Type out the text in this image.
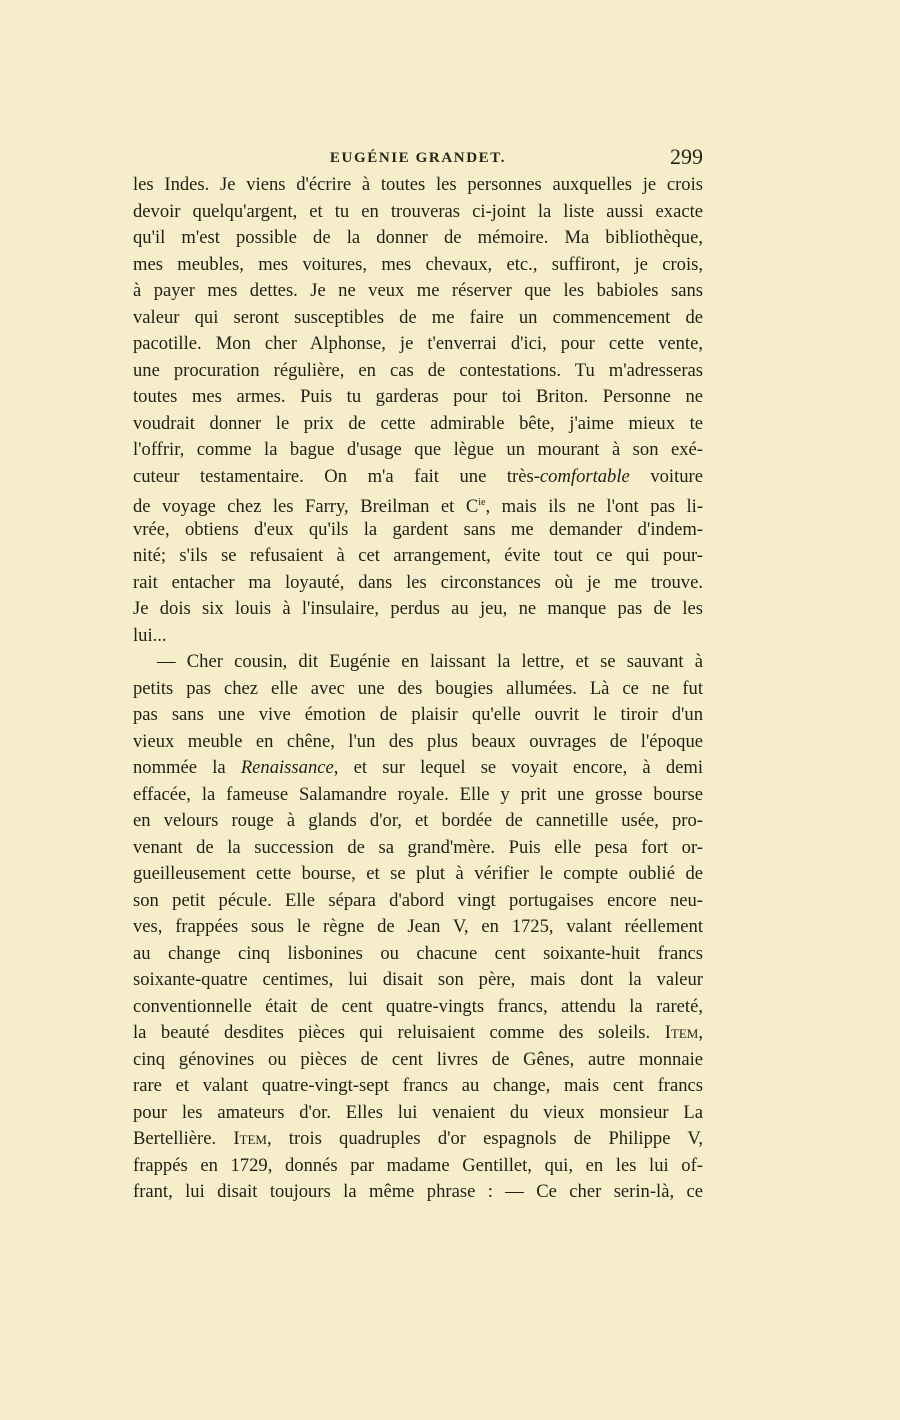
EUGÉNIE GRANDET.	299
les Indes. Je viens d'écrire à toutes les personnes auxquelles je crois
devoir quelqu'argent, et tu en trouveras ci-joint la liste aussi exacte
qu'il m'est possible de la donner de mémoire. Ma bibliothèque,
mes meubles, mes voitures, mes chevaux, etc., suffiront, je crois,
à payer mes dettes. Je ne veux me réserver que les babioles sans
valeur qui seront susceptibles de me faire un commencement de
pacotille. Mon cher Alphonse, je t'enverrai d'ici, pour cette vente,
une procuration régulière, en cas de contestations. Tu m'adresseras
toutes mes armes. Puis tu garderas pour toi Briton. Personne ne
voudrait donner le prix de cette admirable bête, j'aime mieux te
l'offrir, comme la bague d'usage que lègue un mourant à son exé-
cuteur testamentaire. On m'a fait une très-comfortable voiture
de voyage chez les Farry, Breilman et $C^{ie}$, mais ils ne l'ont pas li-
vrée, obtiens d'eux qu'ils la gardent sans me demander d'indem-
nité; s'ils se refusaient à cet arrangement, évite tout ce qui pour-
rait entacher ma loyauté, dans les circonstances où je me trouve.
Je dois six louis à l'insulaire, perdus au jeu, ne manque pas de les
lui...
— Cher cousin, dit Eugénie en laissant la lettre, et se sauvant à
petits pas chez elle avec une des bougies allumées. Là ce ne fut
pas sans une vive émotion de plaisir qu'elle ouvrit le tiroir d'un
vieux meuble en chêne, l'un des plus beaux ouvrages de l'époque
nommée la Renaissance, et sur lequel se voyait encore, à demi
effacée, la fameuse Salamandre royale. Elle y prit une grosse bourse
en velours rouge à glands d'or, et bordée de cannetille usée, pro-
venant de la succession de sa grand'mère. Puis elle pesa fort or-
gueilleusement cette bourse, et se plut à vérifier le compte oublié de
son petit pécule. Elle sépara d'abord vingt portugaises encore neu-
ves, frappées sous le règne de Jean V, en 1725, valant réellement
au change cinq lisbonines ou chacune cent soixante-huit francs
soixante-quatre centimes, lui disait son père, mais dont la valeur
conventionnelle était de cent quatre-vingts francs, attendu la rareté,
la beauté desdites pièces qui reluisaient comme des soleils. Item,
cinq génovines ou pièces de cent livres de Gênes, autre monnaie
rare et valant quatre-vingt-sept francs au change, mais cent francs
pour les amateurs d'or. Elles lui venaient du vieux monsieur La
Bertellière. Item, trois quadruples d'or espagnols de Philippe V,
frappés en 1729, donnés par madame Gentillet, qui, en les lui of-
frant, lui disait toujours la même phrase : — Ce cher serin-là, ce
